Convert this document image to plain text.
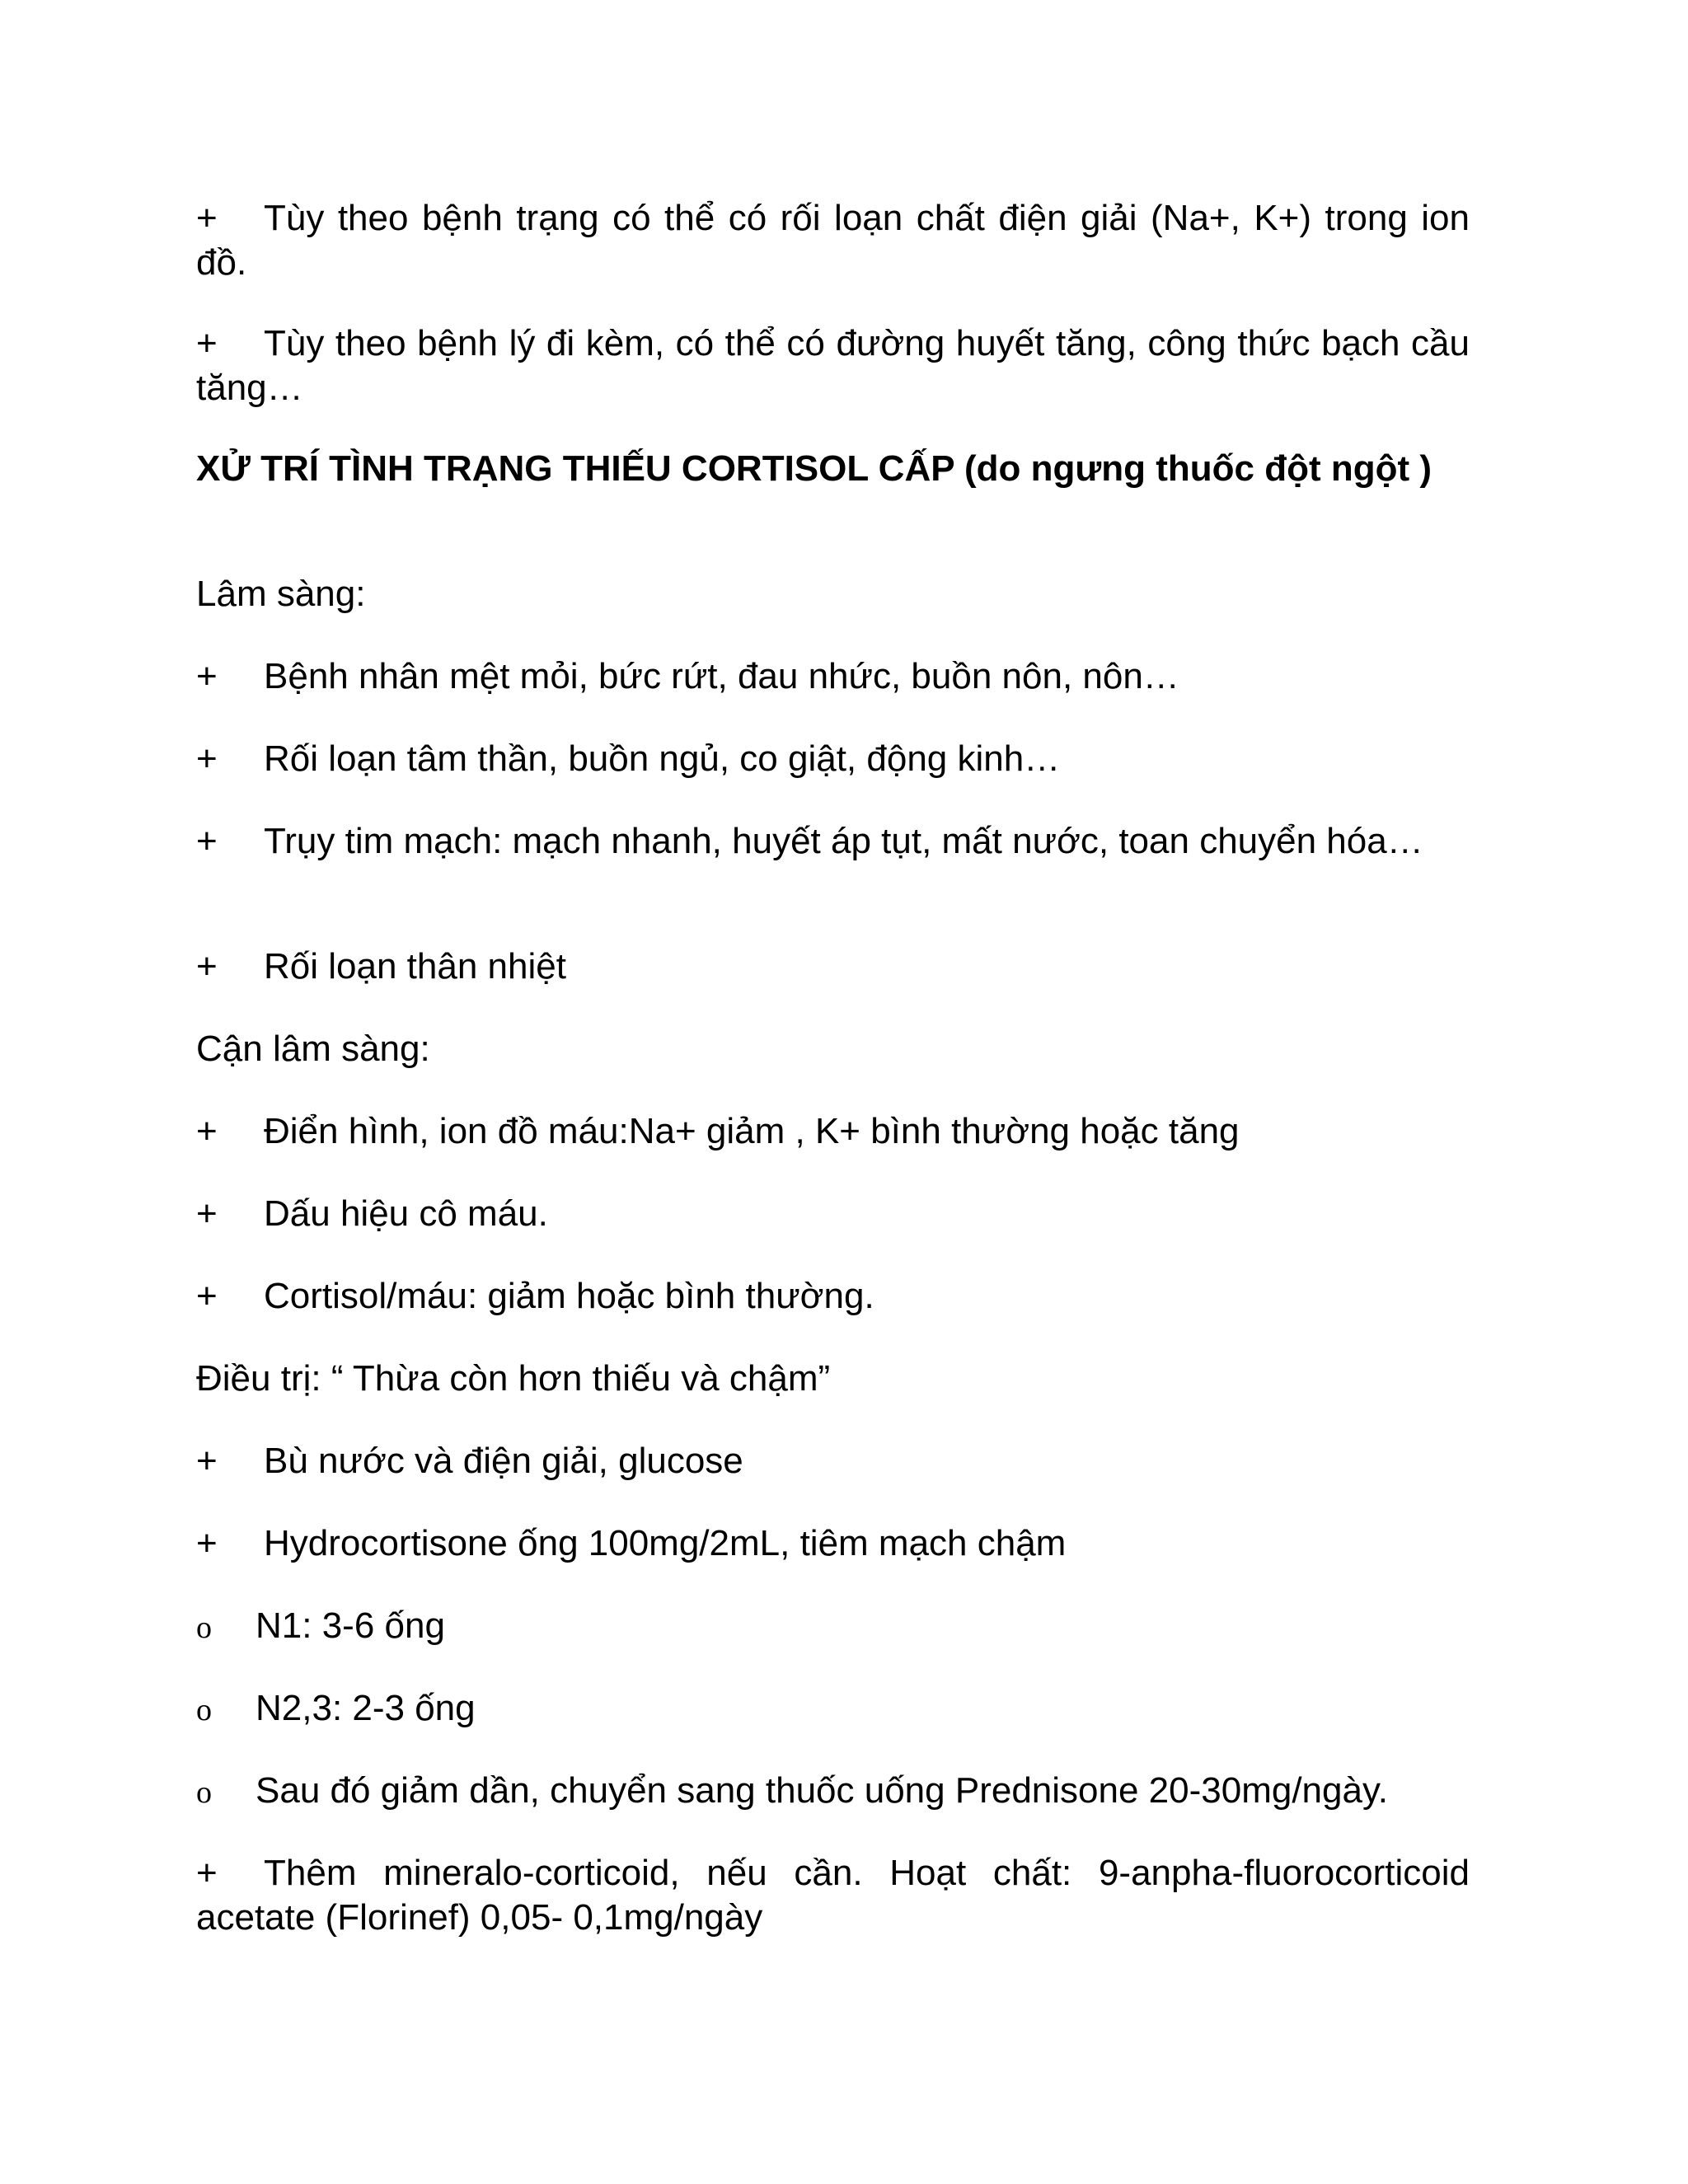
+ Tùy theo bệnh trạng có thể có rối loạn chất điện giải (Na+, K+) trong ion đồ.

+ Tùy theo bệnh lý đi kèm, có thể có đường huyết tăng, công thức bạch cầu tăng…

XỬ TRÍ TÌNH TRẠNG THIẾU CORTISOL CẤP (do ngưng thuốc đột ngột )

Lâm sàng:

+ Bệnh nhân mệt mỏi, bức rứt, đau nhức, buồn nôn, nôn…

+ Rối loạn tâm thần, buồn ngủ, co giật, động kinh…

+ Trụy tim mạch: mạch nhanh, huyết áp tụt, mất nước, toan chuyển hóa…

+ Rối loạn thân nhiệt

Cận lâm sàng:

+ Điển hình, ion đồ máu:Na+ giảm , K+ bình thường hoặc tăng

+ Dấu hiệu cô máu.

+ Cortisol/máu: giảm hoặc bình thường.

Điều trị: “ Thừa còn hơn thiếu và chậm”

+ Bù nước và điện giải, glucose

+ Hydrocortisone ống 100mg/2mL, tiêm mạch chậm

o N1: 3-6 ống

o N2,3: 2-3 ống

o Sau đó giảm dần, chuyển sang thuốc uống Prednisone 20-30mg/ngày.

+ Thêm mineralo-corticoid, nếu cần. Hoạt chất: 9-anpha-fluorocorticoid acetate (Florinef) 0,05- 0,1mg/ngày
